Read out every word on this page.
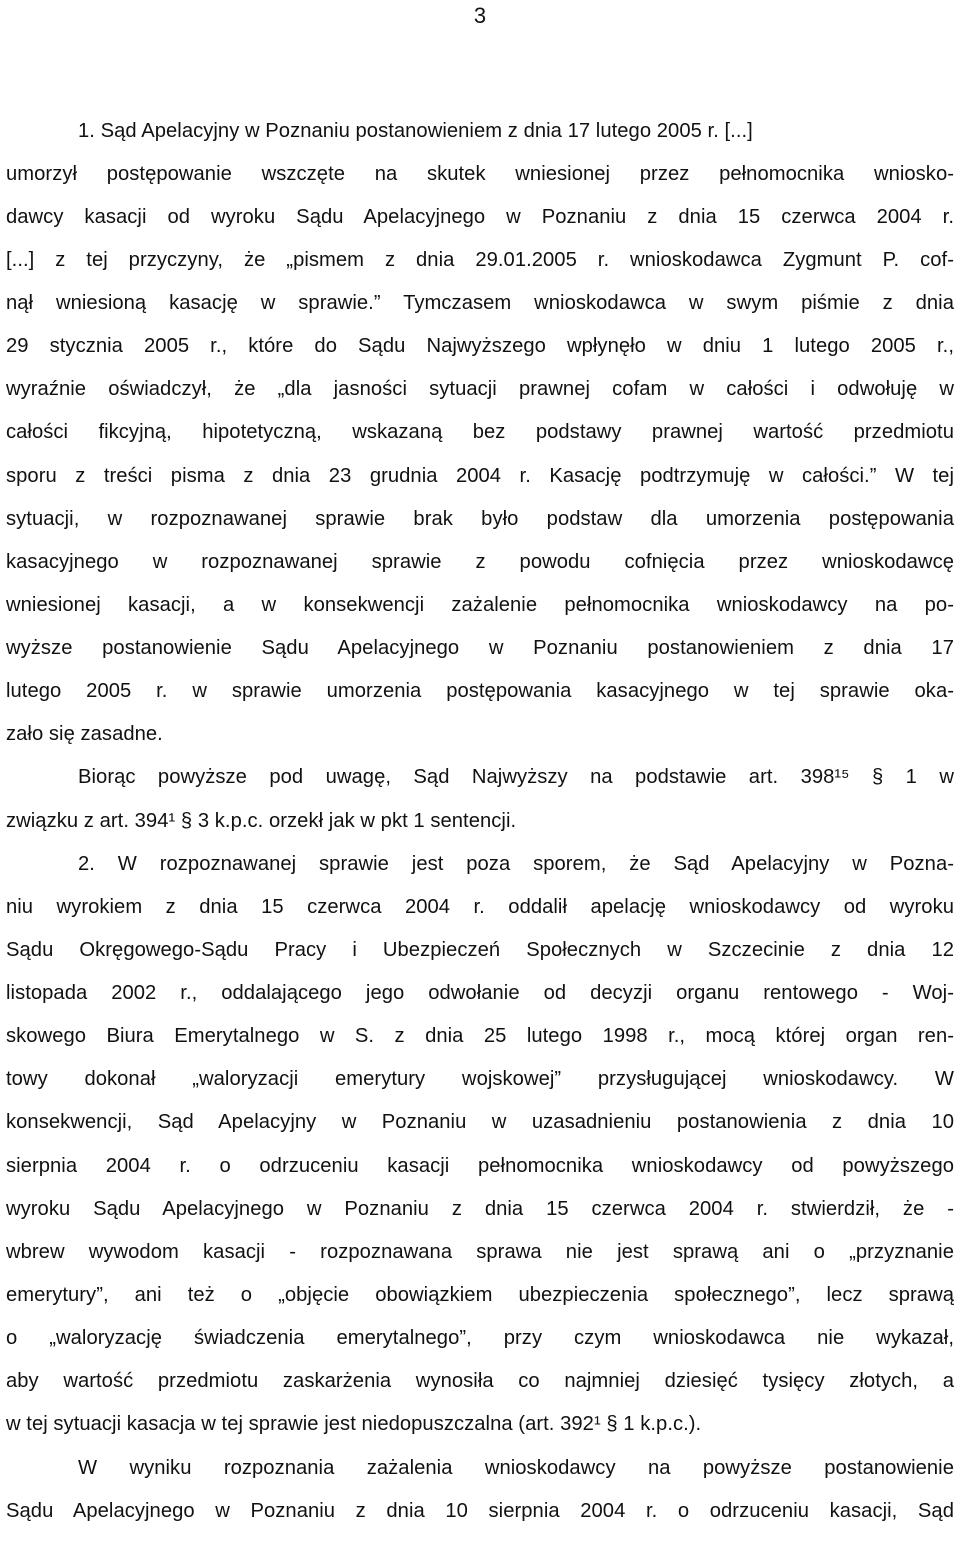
3
1. Sąd Apelacyjny w Poznaniu postanowieniem z dnia 17 lutego 2005 r. [...]
umorzył postępowanie wszczęte na skutek wniesionej przez pełnomocnika wniosko-
dawcy kasacji od wyroku Sądu Apelacyjnego w Poznaniu z dnia 15 czerwca 2004 r.
[...] z tej przyczyny, że „pismem z dnia 29.01.2005 r. wnioskodawca Zygmunt P. cof-
nął wniesioną kasację w sprawie.” Tymczasem wnioskodawca w swym piśmie z dnia
29 stycznia 2005 r., które do Sądu Najwyższego wpłynęło w dniu 1 lutego 2005 r.,
wyraźnie oświadczył, że „dla jasności sytuacji prawnej cofam w całości i odwołuję w
całości fikcyjną, hipotetyczną, wskazaną bez podstawy prawnej wartość przedmiotu
sporu z treści pisma z dnia 23 grudnia 2004 r. Kasację podtrzymuję w całości.” W tej
sytuacji, w rozpoznawanej sprawie brak było podstaw dla umorzenia postępowania
kasacyjnego w rozpoznawanej sprawie z powodu cofnięcia przez wnioskodawcę
wniesionej kasacji, a w konsekwencji zażalenie pełnomocnika wnioskodawcy na po-
wyższe postanowienie Sądu Apelacyjnego w Poznaniu postanowieniem z dnia 17
lutego 2005 r. w sprawie umorzenia postępowania kasacyjnego w tej sprawie oka-
zało się zasadne.
Biorąc powyższe pod uwagę, Sąd Najwyższy na podstawie art. 398¹⁵ § 1 w
związku z art. 394¹ § 3 k.p.c. orzekł jak w pkt 1 sentencji.
2. W rozpoznawanej sprawie jest poza sporem, że Sąd Apelacyjny w Pozna-
niu wyrokiem z dnia 15 czerwca 2004 r. oddalił apelację wnioskodawcy od wyroku
Sądu Okręgowego-Sądu Pracy i Ubezpieczeń Społecznych w Szczecinie z dnia 12
listopada 2002 r., oddalającego jego odwołanie od decyzji organu rentowego - Woj-
skowego Biura Emerytalnego w S. z dnia 25 lutego 1998 r., mocą której organ ren-
towy dokonał „waloryzacji emerytury wojskowej” przysługującej wnioskodawcy. W
konsekwencji, Sąd Apelacyjny w Poznaniu w uzasadnieniu postanowienia z dnia 10
sierpnia 2004 r. o odrzuceniu kasacji pełnomocnika wnioskodawcy od powyższego
wyroku Sądu Apelacyjnego w Poznaniu z dnia 15 czerwca 2004 r. stwierdził, że -
wbrew wywodom kasacji - rozpoznawana sprawa nie jest sprawą ani o „przyznanie
emerytury”, ani też o „objęcie obowiązkiem ubezpieczenia społecznego”, lecz sprawą
o „waloryzację świadczenia emerytalnego”, przy czym wnioskodawca nie wykazał,
aby wartość przedmiotu zaskarżenia wynosiła co najmniej dziesięć tysięcy złotych, a
w tej sytuacji kasacja w tej sprawie jest niedopuszczalna (art. 392¹ § 1 k.p.c.).
W wyniku rozpoznania zażalenia wnioskodawcy na powyższe postanowienie
Sądu Apelacyjnego w Poznaniu z dnia 10 sierpnia 2004 r. o odrzuceniu kasacji, Sąd
